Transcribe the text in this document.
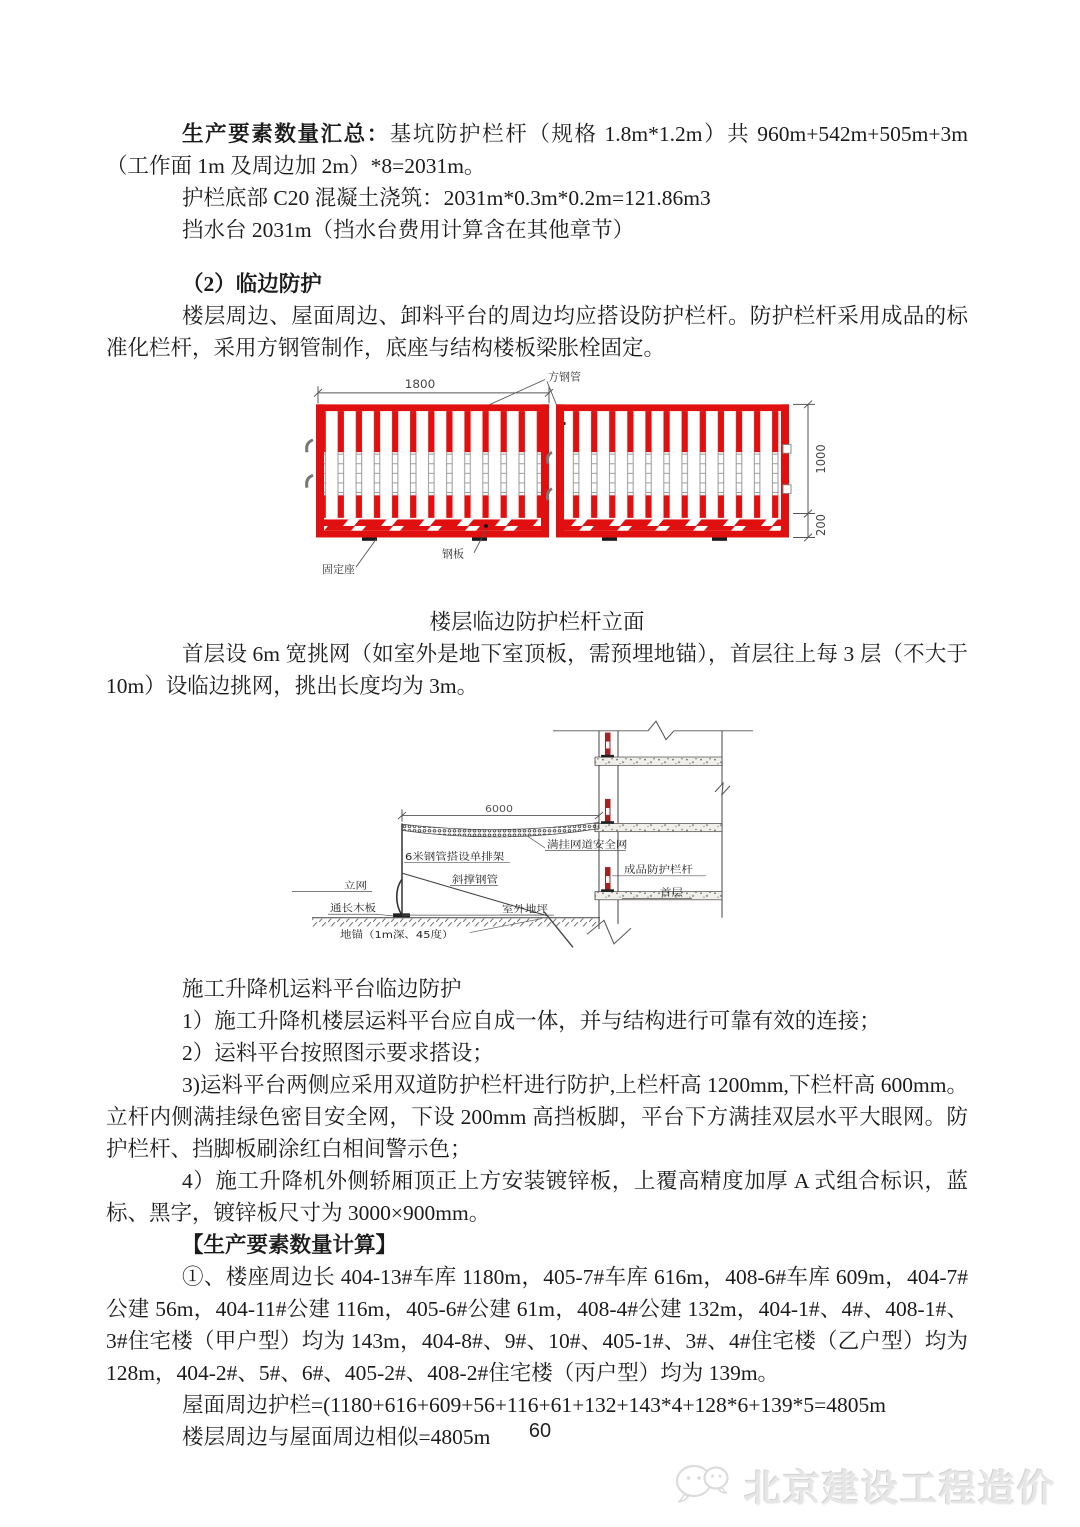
生产要素数量汇总：基坑防护栏杆（规格 1.8m*1.2m）共 960m+542m+505m+3m（工作面 1m 及周边加 2m）*8=2031m。

护栏底部 C20 混凝土浇筑：2031m*0.3m*0.2m=121.86m3

挡水台 2031m（挡水台费用计算含在其他章节）

（2）临边防护

楼层周边、屋面周边、卸料平台的周边均应搭设防护栏杆。防护栏杆采用成品的标准化栏杆，采用方钢管制作，底座与结构楼板梁胀栓固定。

1800
方钢管
1000
200
钢板
固定座

楼层临边防护栏杆立面

首层设 6m 宽挑网（如室外是地下室顶板，需预埋地锚），首层往上每 3 层（不大于 10m）设临边挑网，挑出长度均为 3m。

6000
满挂网道安全网
6米钢管搭设单排架
斜撑钢管
立网
通长木板	室外地坪
地锚（1m深、45度）
成品防护栏杆
首层

施工升降机运料平台临边防护

1）施工升降机楼层运料平台应自成一体，并与结构进行可靠有效的连接；

2）运料平台按照图示要求搭设；

3)运料平台两侧应采用双道防护栏杆进行防护,上栏杆高 1200mm,下栏杆高 600mm。立杆内侧满挂绿色密目安全网，下设 200mm 高挡板脚，平台下方满挂双层水平大眼网。防护栏杆、挡脚板刷涂红白相间警示色；

4）施工升降机外侧轿厢顶正上方安装镀锌板，上覆高精度加厚 A 式组合标识，蓝标、黑字，镀锌板尺寸为 3000×900mm。

【生产要素数量计算】

①、楼座周边长 404-13#车库 1180m，405-7#车库 616m，408-6#车库 609m，404-7#公建 56m，404-11#公建 116m，405-6#公建 61m，408-4#公建 132m，404-1#、4#、408-1#、3#住宅楼（甲户型）均为 143m，404-8#、9#、10#、405-1#、3#、4#住宅楼（乙户型）均为 128m，404-2#、5#、6#、405-2#、408-2#住宅楼（丙户型）均为 139m。

屋面周边护栏=(1180+616+609+56+116+61+132+143*4+128*6+139*5=4805m

楼层周边与屋面周边相似=4805m	60
北京建设工程造价
